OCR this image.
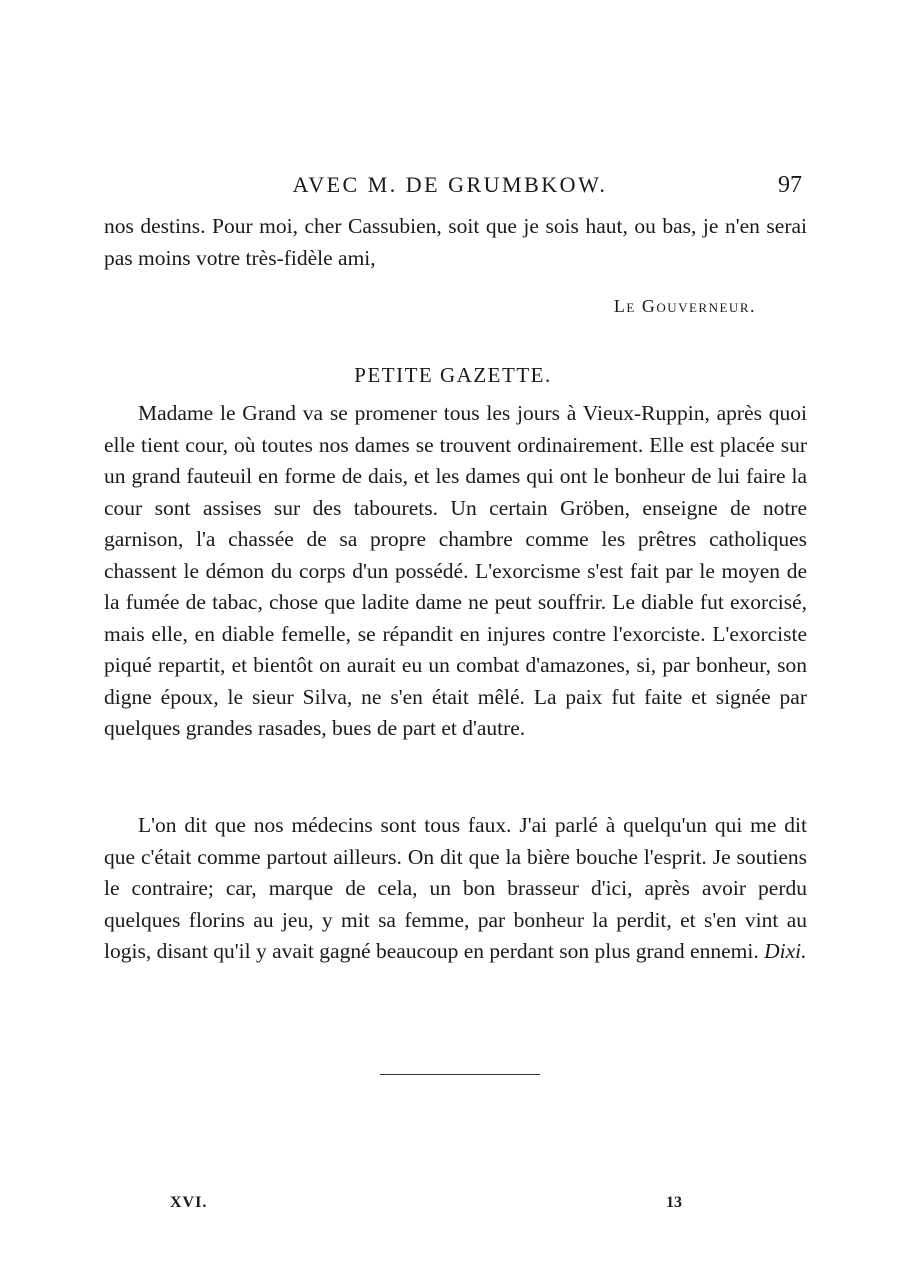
AVEC M. DE GRUMBKOW.	97

nos destins. Pour moi, cher Cassubien, soit que je sois haut, ou bas, je n'en serai pas moins votre très-fidèle ami,

Le Gouverneur.
PETITE GAZETTE.

Madame le Grand va se promener tous les jours à Vieux-Ruppin, après quoi elle tient cour, où toutes nos dames se trouvent ordinairement. Elle est placée sur un grand fauteuil en forme de dais, et les dames qui ont le bonheur de lui faire la cour sont assises sur des tabourets. Un certain Gröben, enseigne de notre garnison, l'a chassée de sa propre chambre comme les prêtres catholiques chassent le démon du corps d'un possédé. L'exorcisme s'est fait par le moyen de la fumée de tabac, chose que ladite dame ne peut souffrir. Le diable fut exorcisé, mais elle, en diable femelle, se répandit en injures contre l'exorciste. L'exorciste piqué repartit, et bientôt on aurait eu un combat d'amazones, si, par bonheur, son digne époux, le sieur Silva, ne s'en était mêlé. La paix fut faite et signée par quelques grandes rasades, bues de part et d'autre.

L'on dit que nos médecins sont tous faux. J'ai parlé à quelqu'un qui me dit que c'était comme partout ailleurs. On dit que la bière bouche l'esprit. Je soutiens le contraire; car, marque de cela, un bon brasseur d'ici, après avoir perdu quelques florins au jeu, y mit sa femme, par bonheur la perdit, et s'en vint au logis, disant qu'il y avait gagné beaucoup en perdant son plus grand ennemi. Dixi.

XVI.	13
